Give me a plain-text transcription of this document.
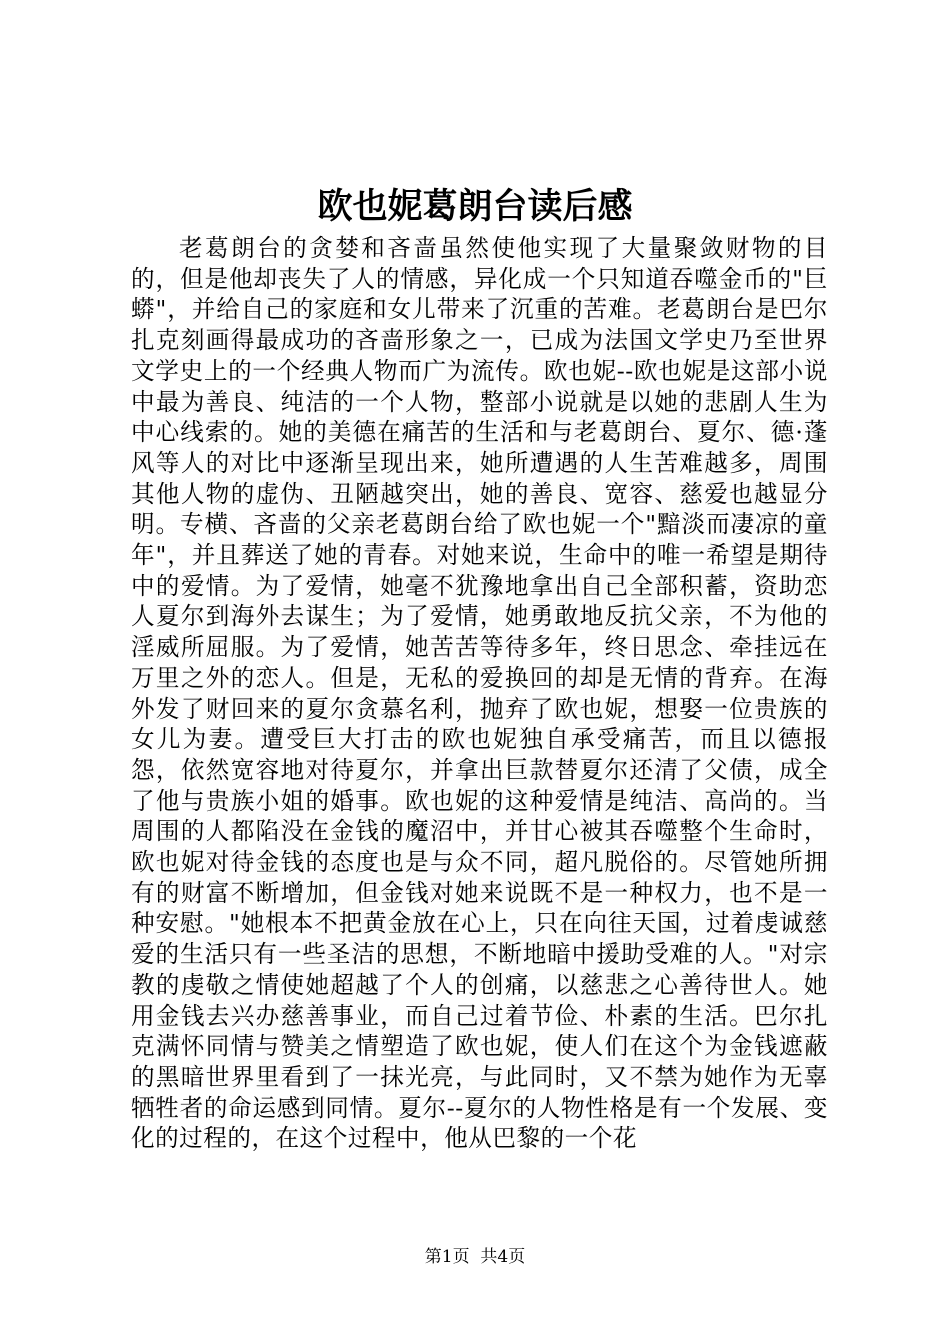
欧也妮葛朗台读后感

老葛朗台的贪婪和吝啬虽然使他实现了大量聚敛财物的目的，但是他却丧失了人的情感，异化成一个只知道吞噬金币的"巨蟒"，并给自己的家庭和女儿带来了沉重的苦难。老葛朗台是巴尔扎克刻画得最成功的吝啬形象之一，已成为法国文学史乃至世界文学史上的一个经典人物而广为流传。欧也妮--欧也妮是这部小说中最为善良、纯洁的一个人物，整部小说就是以她的悲剧人生为中心线索的。她的美德在痛苦的生活和与老葛朗台、夏尔、德·蓬风等人的对比中逐渐呈现出来，她所遭遇的人生苦难越多，周围其他人物的虚伪、丑陋越突出，她的善良、宽容、慈爱也越显分明。专横、吝啬的父亲老葛朗台给了欧也妮一个"黯淡而凄凉的童年"，并且葬送了她的青春。对她来说，生命中的唯一希望是期待中的爱情。为了爱情，她毫不犹豫地拿出自己全部积蓄，资助恋人夏尔到海外去谋生；为了爱情，她勇敢地反抗父亲，不为他的淫威所屈服。为了爱情，她苦苦等待多年，终日思念、牵挂远在万里之外的恋人。但是，无私的爱换回的却是无情的背弃。在海外发了财回来的夏尔贪慕名利，抛弃了欧也妮，想娶一位贵族的女儿为妻。遭受巨大打击的欧也妮独自承受痛苦，而且以德报怨，依然宽容地对待夏尔，并拿出巨款替夏尔还清了父债，成全了他与贵族小姐的婚事。欧也妮的这种爱情是纯洁、高尚的。当周围的人都陷没在金钱的魔沼中，并甘心被其吞噬整个生命时，欧也妮对待金钱的态度也是与众不同，超凡脱俗的。尽管她所拥有的财富不断增加，但金钱对她来说既不是一种权力，也不是一种安慰。"她根本不把黄金放在心上，只在向往天国，过着虔诚慈爱的生活只有一些圣洁的思想，不断地暗中援助受难的人。"对宗教的虔敬之情使她超越了个人的创痛，以慈悲之心善待世人。她用金钱去兴办慈善事业，而自己过着节俭、朴素的生活。巴尔扎克满怀同情与赞美之情塑造了欧也妮，使人们在这个为金钱遮蔽的黑暗世界里看到了一抹光亮，与此同时，又不禁为她作为无辜牺牲者的命运感到同情。夏尔--夏尔的人物性格是有一个发展、变化的过程的，在这个过程中，他从巴黎的一个花

第1页  共4页
